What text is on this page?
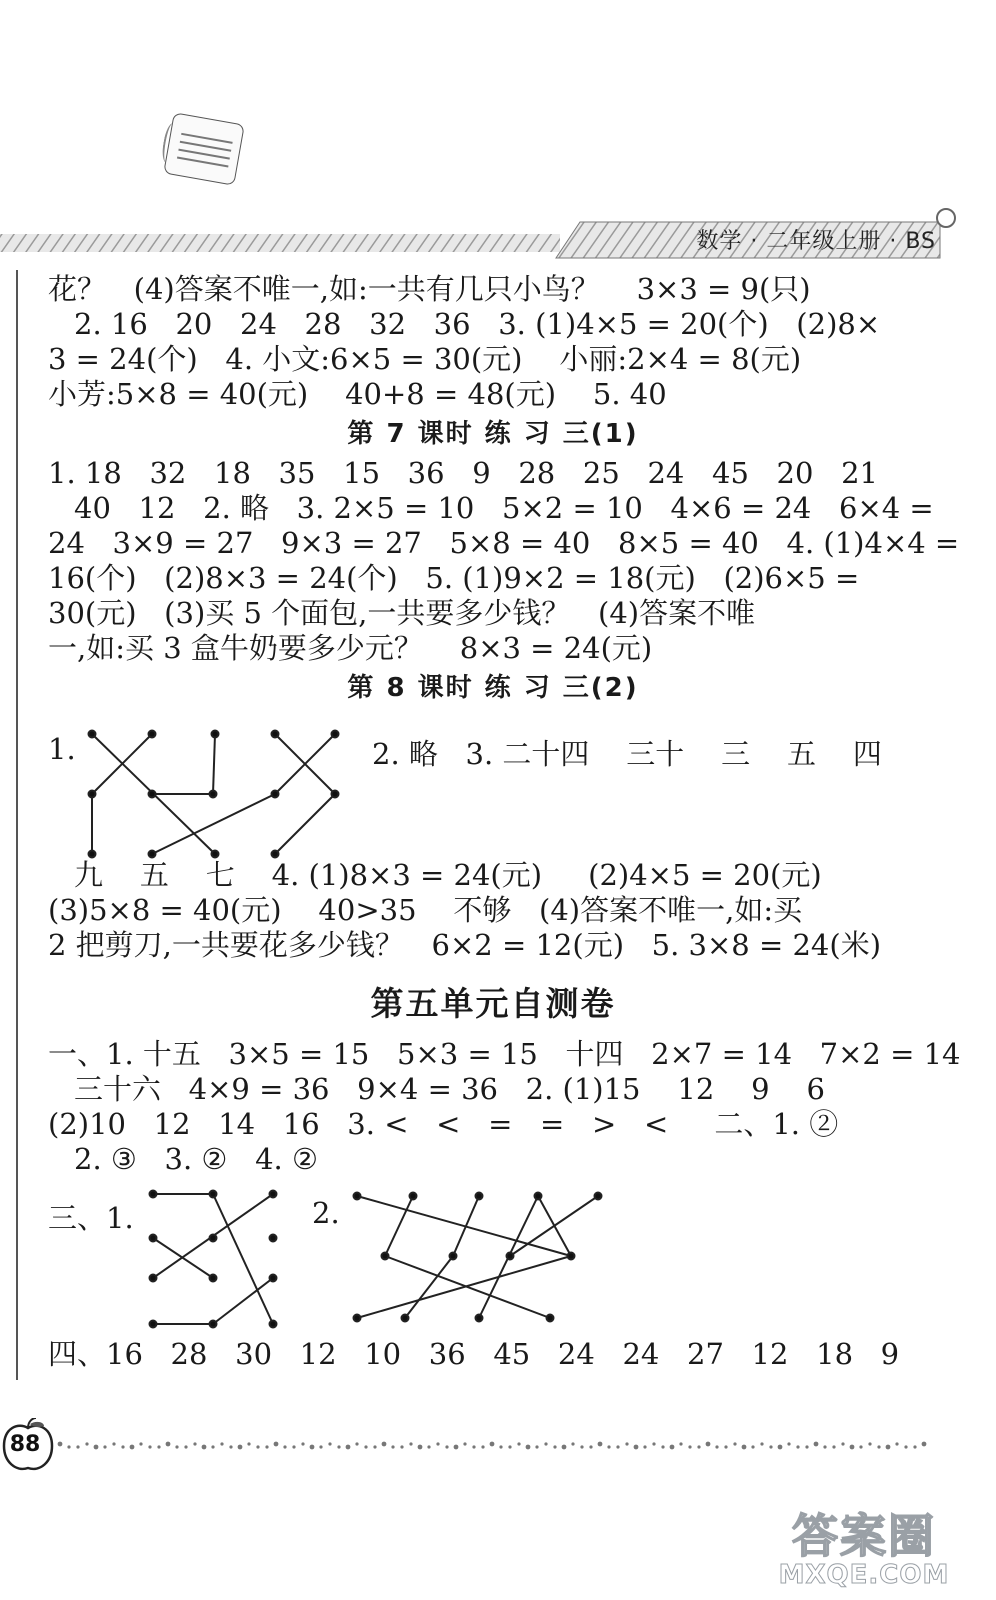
数学 · 二年级上册 · BS
花？   (4)答案不唯一,如:一共有几只小鸟？    3×3 = 9(只)
2. 16   20   24   28   32   36   3. (1)4×5 = 20(个)   (2)8×
3 = 24(个)   4. 小文:6×5 = 30(元)    小丽:2×4 = 8(元)
小芳:5×8 = 40(元)    40+8 = 48(元)    5. 40
第 7 课时 练 习 三(1)
1. 18   32   18   35   15   36   9   28   25   24   45   20   21
40   12   2. 略   3. 2×5 = 10   5×2 = 10   4×6 = 24   6×4 =
24   3×9 = 27   9×3 = 27   5×8 = 40   8×5 = 40   4. (1)4×4 =
16(个)   (2)8×3 = 24(个)   5. (1)9×2 = 18(元)   (2)6×5 =
30(元)   (3)买 5 个面包,一共要多少钱？   (4)答案不唯
一,如:买 3 盒牛奶要多少元？    8×3 = 24(元)
第 8 课时 练 习 三(2)
1.	2. 略   3. 二十四    三十    三    五    四
九    五    七    4. (1)8×3 = 24(元)     (2)4×5 = 20(元)
(3)5×8 = 40(元)    40>35    不够   (4)答案不唯一,如:买
2 把剪刀,一共要花多少钱？   6×2 = 12(元)   5. 3×8 = 24(米)
第五单元自测卷
一、1. 十五   3×5 = 15   5×3 = 15   十四   2×7 = 14   7×2 = 14
三十六   4×9 = 36   9×4 = 36   2. (1)15    12    9    6
(2)10   12   14   16   3. <   <   =   =   >   <     二、1. ②
2. ③   3. ②   4. ②
三、1.	2.
四、16   28   30   12   10   36   45   24   24   27   12   18   9
88
答案圈
MXQE.COM
